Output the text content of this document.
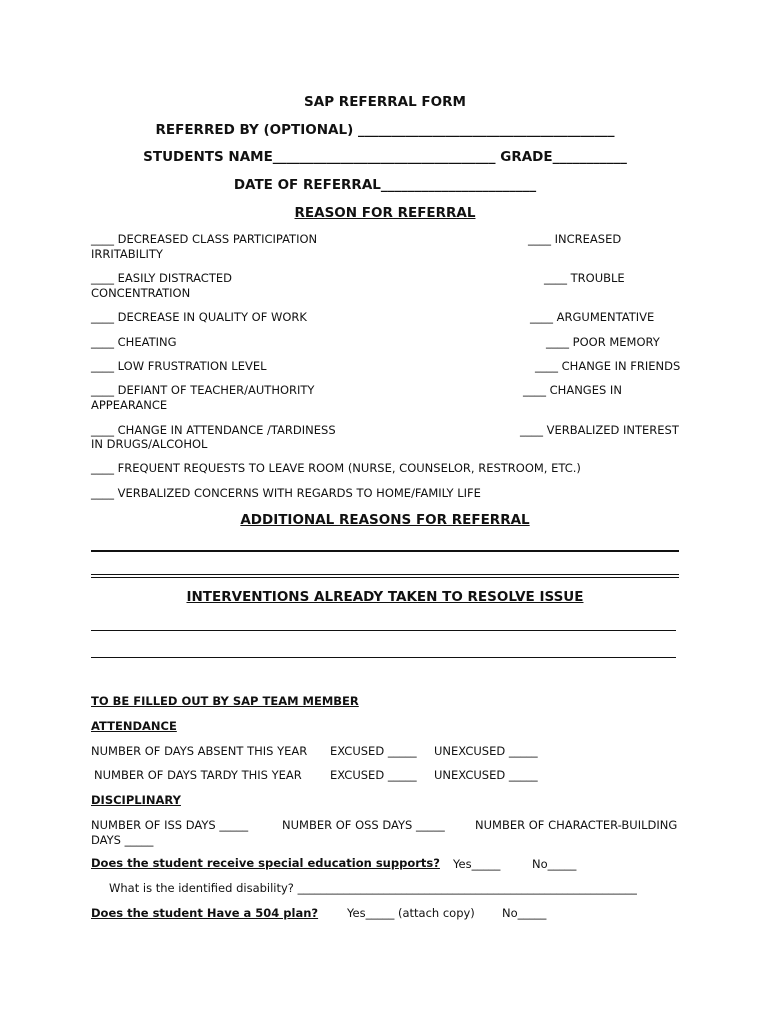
SAP REFERRAL FORM
REFERRED BY (OPTIONAL) ______________________________________
STUDENTS NAME_________________________________ GRADE___________
DATE OF REFERRAL_______________________
REASON FOR REFERRAL
____ DECREASED CLASS PARTICIPATION	____ INCREASED
IRRITABILITY
____ EASILY DISTRACTED	____ TROUBLE
CONCENTRATION
____ DECREASE IN QUALITY OF WORK	____ ARGUMENTATIVE
____ CHEATING	____ POOR MEMORY
____ LOW FRUSTRATION LEVEL	____ CHANGE IN FRIENDS
____ DEFIANT OF TEACHER/AUTHORITY	____ CHANGES IN
APPEARANCE
____ CHANGE IN ATTENDANCE /TARDINESS	____ VERBALIZED INTEREST
IN DRUGS/ALCOHOL
____ FREQUENT REQUESTS TO LEAVE ROOM (NURSE, COUNSELOR, RESTROOM, ETC.)
____ VERBALIZED CONCERNS WITH REGARDS TO HOME/FAMILY LIFE
ADDITIONAL REASONS FOR REFERRAL
INTERVENTIONS ALREADY TAKEN TO RESOLVE ISSUE
TO BE FILLED OUT BY SAP TEAM MEMBER
ATTENDANCE
NUMBER OF DAYS ABSENT THIS YEAR EXCUSED _____ UNEXCUSED _____
NUMBER OF DAYS TARDY THIS YEAR EXCUSED _____ UNEXCUSED _____
DISCIPLINARY
NUMBER OF ISS DAYS _____	NUMBER OF OSS DAYS _____	NUMBER OF CHARACTER-BUILDING
DAYS _____
Does the student receive special education supports? Yes_____	No_____
What is the identified disability? ___________________________________________________________
Does the student Have a 504 plan?	Yes_____ (attach copy) No_____
